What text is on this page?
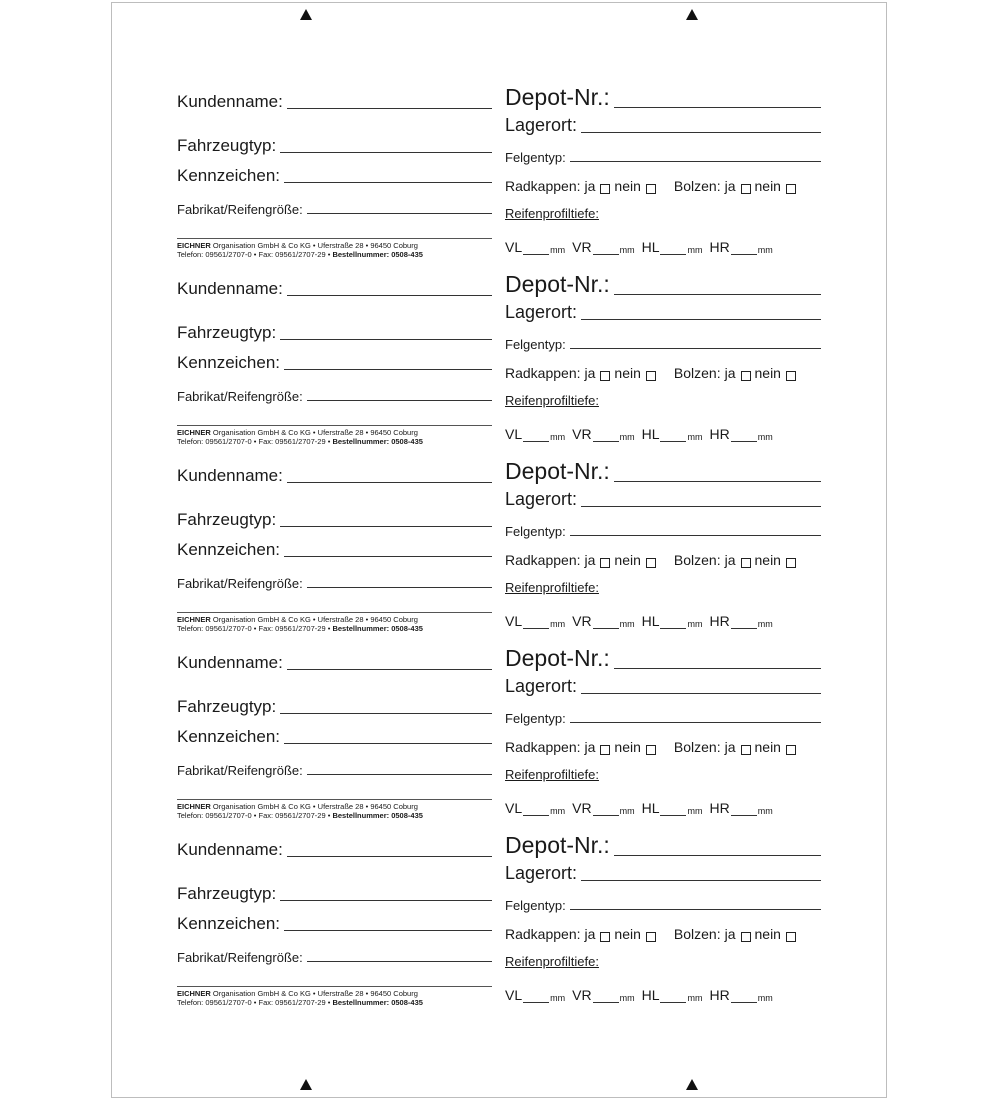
Kundenname:
Fahrzeugtyp:
Kennzeichen:
Fabrikat/Reifengröße:
EICHNER Organisation GmbH & Co KG • Uferstraße 28 • 96450 Coburg
Telefon: 09561/2707-0 • Fax: 09561/2707-29 • Bestellnummer: 0508-435
Depot-Nr.:
Lagerort:
Felgentyp:
Radkappen: ja nein Bolzen: ja nein
Reifenprofiltiefe:
VL	mm VR	mm HL	mm HR	mm
Kundenname:
Fahrzeugtyp:
Kennzeichen:
Fabrikat/Reifengröße:
EICHNER Organisation GmbH & Co KG • Uferstraße 28 • 96450 Coburg
Telefon: 09561/2707-0 • Fax: 09561/2707-29 • Bestellnummer: 0508-435
Depot-Nr.:
Lagerort:
Felgentyp:
Radkappen: ja nein Bolzen: ja nein
Reifenprofiltiefe:
VL	mm VR	mm HL	mm HR	mm
Kundenname:
Fahrzeugtyp:
Kennzeichen:
Fabrikat/Reifengröße:
EICHNER Organisation GmbH & Co KG • Uferstraße 28 • 96450 Coburg
Telefon: 09561/2707-0 • Fax: 09561/2707-29 • Bestellnummer: 0508-435
Depot-Nr.:
Lagerort:
Felgentyp:
Radkappen: ja nein Bolzen: ja nein
Reifenprofiltiefe:
VL	mm VR	mm HL	mm HR	mm
Kundenname:
Fahrzeugtyp:
Kennzeichen:
Fabrikat/Reifengröße:
EICHNER Organisation GmbH & Co KG • Uferstraße 28 • 96450 Coburg
Telefon: 09561/2707-0 • Fax: 09561/2707-29 • Bestellnummer: 0508-435
Depot-Nr.:
Lagerort:
Felgentyp:
Radkappen: ja nein Bolzen: ja nein
Reifenprofiltiefe:
VL	mm VR	mm HL	mm HR	mm
Kundenname:
Fahrzeugtyp:
Kennzeichen:
Fabrikat/Reifengröße:
EICHNER Organisation GmbH & Co KG • Uferstraße 28 • 96450 Coburg
Telefon: 09561/2707-0 • Fax: 09561/2707-29 • Bestellnummer: 0508-435
Depot-Nr.:
Lagerort:
Felgentyp:
Radkappen: ja nein Bolzen: ja nein
Reifenprofiltiefe:
VL	mm VR	mm HL	mm HR	mm
